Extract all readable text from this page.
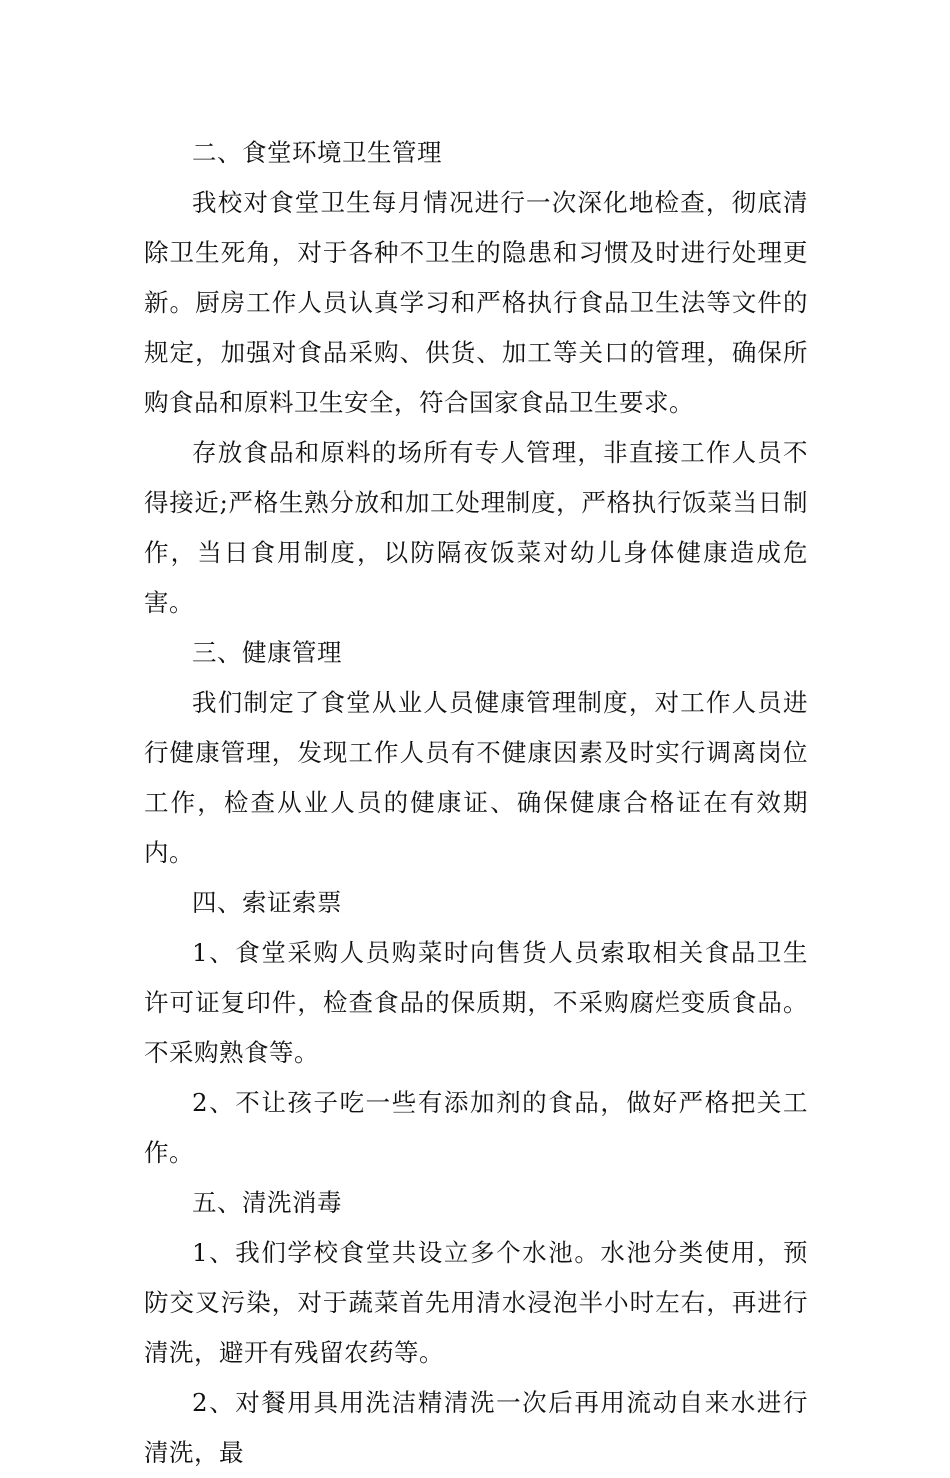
二、食堂环境卫生管理

我校对食堂卫生每月情况进行一次深化地检查，彻底清除卫生死角，对于各种不卫生的隐患和习惯及时进行处理更新。厨房工作人员认真学习和严格执行食品卫生法等文件的规定，加强对食品采购、供货、加工等关口的管理，确保所购食品和原料卫生安全，符合国家食品卫生要求。

存放食品和原料的场所有专人管理，非直接工作人员不得接近;严格生熟分放和加工处理制度，严格执行饭菜当日制作，当日食用制度，以防隔夜饭菜对幼儿身体健康造成危害。

三、健康管理

我们制定了食堂从业人员健康管理制度，对工作人员进行健康管理，发现工作人员有不健康因素及时实行调离岗位工作，检查从业人员的健康证、确保健康合格证在有效期内。

四、索证索票

1、食堂采购人员购菜时向售货人员索取相关食品卫生许可证复印件，检查食品的保质期，不采购腐烂变质食品。不采购熟食等。

2、不让孩子吃一些有添加剂的食品，做好严格把关工作。

五、清洗消毒

1、我们学校食堂共设立多个水池。水池分类使用，预防交叉污染，对于蔬菜首先用清水浸泡半小时左右，再进行清洗，避开有残留农药等。

2、对餐用具用洗洁精清洗一次后再用流动自来水进行清洗，最
